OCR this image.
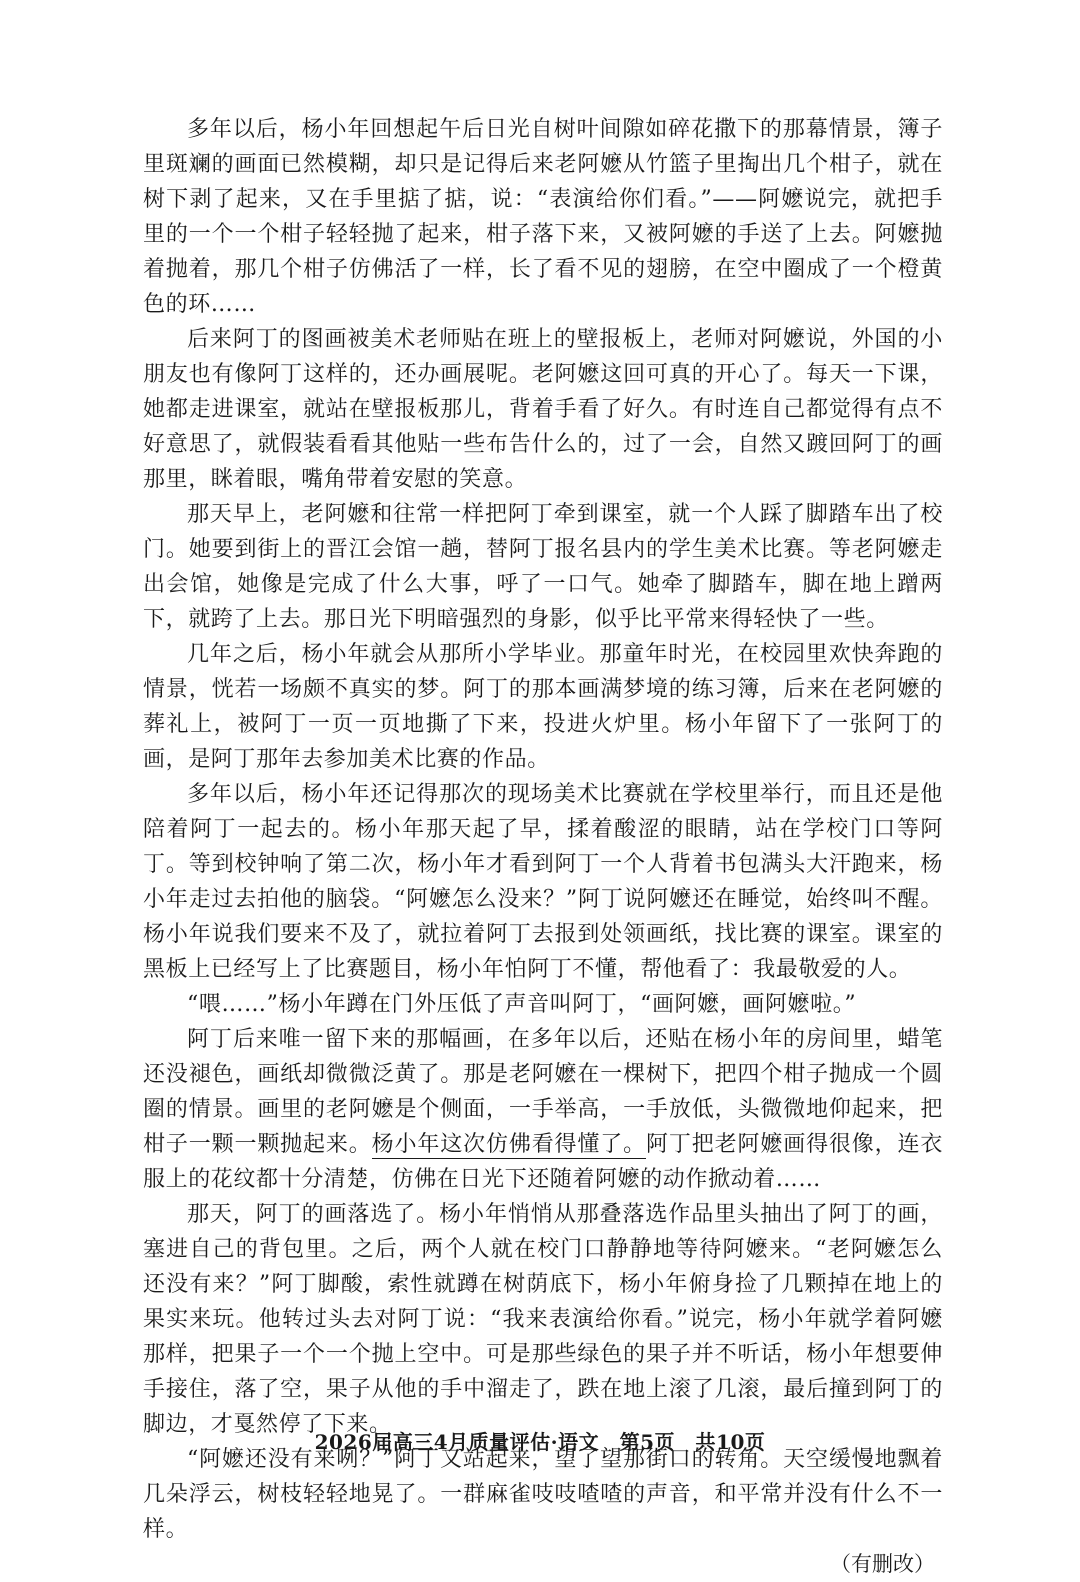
多年以后，杨小年回想起午后日光自树叶间隙如碎花撒下的那幕情景，簿子里斑斓的画面已然模糊，却只是记得后来老阿嬷从竹篮子里掏出几个柑子，就在树下剥了起来，又在手里掂了掂，说：“表演给你们看。”——阿嬷说完，就把手里的一个一个柑子轻轻抛了起来，柑子落下来，又被阿嬷的手送了上去。阿嬷抛着抛着，那几个柑子仿佛活了一样，长了看不见的翅膀，在空中圈成了一个橙黄色的环……

后来阿丁的图画被美术老师贴在班上的壁报板上，老师对阿嬷说，外国的小朋友也有像阿丁这样的，还办画展呢。老阿嬷这回可真的开心了。每天一下课，她都走进课室，就站在壁报板那儿，背着手看了好久。有时连自己都觉得有点不好意思了，就假装看看其他贴一些布告什么的，过了一会，自然又踱回阿丁的画那里，眯着眼，嘴角带着安慰的笑意。

那天早上，老阿嬷和往常一样把阿丁牵到课室，就一个人踩了脚踏车出了校门。她要到街上的晋江会馆一趟，替阿丁报名县内的学生美术比赛。等老阿嬷走出会馆，她像是完成了什么大事，呼了一口气。她牵了脚踏车，脚在地上蹭两下，就跨了上去。那日光下明暗强烈的身影，似乎比平常来得轻快了一些。

几年之后，杨小年就会从那所小学毕业。那童年时光，在校园里欢快奔跑的情景，恍若一场颇不真实的梦。阿丁的那本画满梦境的练习簿，后来在老阿嬷的葬礼上，被阿丁一页一页地撕了下来，投进火炉里。杨小年留下了一张阿丁的画，是阿丁那年去参加美术比赛的作品。

多年以后，杨小年还记得那次的现场美术比赛就在学校里举行，而且还是他陪着阿丁一起去的。杨小年那天起了早，揉着酸涩的眼睛，站在学校门口等阿丁。等到校钟响了第二次，杨小年才看到阿丁一个人背着书包满头大汗跑来，杨小年走过去拍他的脑袋。“阿嬷怎么没来？”阿丁说阿嬷还在睡觉，始终叫不醒。杨小年说我们要来不及了，就拉着阿丁去报到处领画纸，找比赛的课室。课室的黑板上已经写上了比赛题目，杨小年怕阿丁不懂，帮他看了：我最敬爱的人。

“喂……”杨小年蹲在门外压低了声音叫阿丁，“画阿嬷，画阿嬷啦。”

阿丁后来唯一留下来的那幅画，在多年以后，还贴在杨小年的房间里，蜡笔还没褪色，画纸却微微泛黄了。那是老阿嬷在一棵树下，把四个柑子抛成一个圆圈的情景。画里的老阿嬷是个侧面，一手举高，一手放低，头微微地仰起来，把柑子一颗一颗抛起来。杨小年这次仿佛看得懂了。阿丁把老阿嬷画得很像，连衣服上的花纹都十分清楚，仿佛在日光下还随着阿嬷的动作掀动着……

那天，阿丁的画落选了。杨小年悄悄从那叠落选作品里头抽出了阿丁的画，塞进自己的背包里。之后，两个人就在校门口静静地等待阿嬷来。“老阿嬷怎么还没有来？”阿丁脚酸，索性就蹲在树荫底下，杨小年俯身捡了几颗掉在地上的果实来玩。他转过头去对阿丁说：“我来表演给你看。”说完，杨小年就学着阿嬷那样，把果子一个一个抛上空中。可是那些绿色的果子并不听话，杨小年想要伸手接住，落了空，果子从他的手中溜走了，跌在地上滚了几滚，最后撞到阿丁的脚边，才戛然停了下来。

“阿嬷还没有来咧？”阿丁又站起来，望了望那街口的转角。天空缓慢地飘着几朵浮云，树枝轻轻地晃了。一群麻雀吱吱喳喳的声音，和平常并没有什么不一样。

（有删改）

2026届高三4月质量评估·语文　第5页　共10页
